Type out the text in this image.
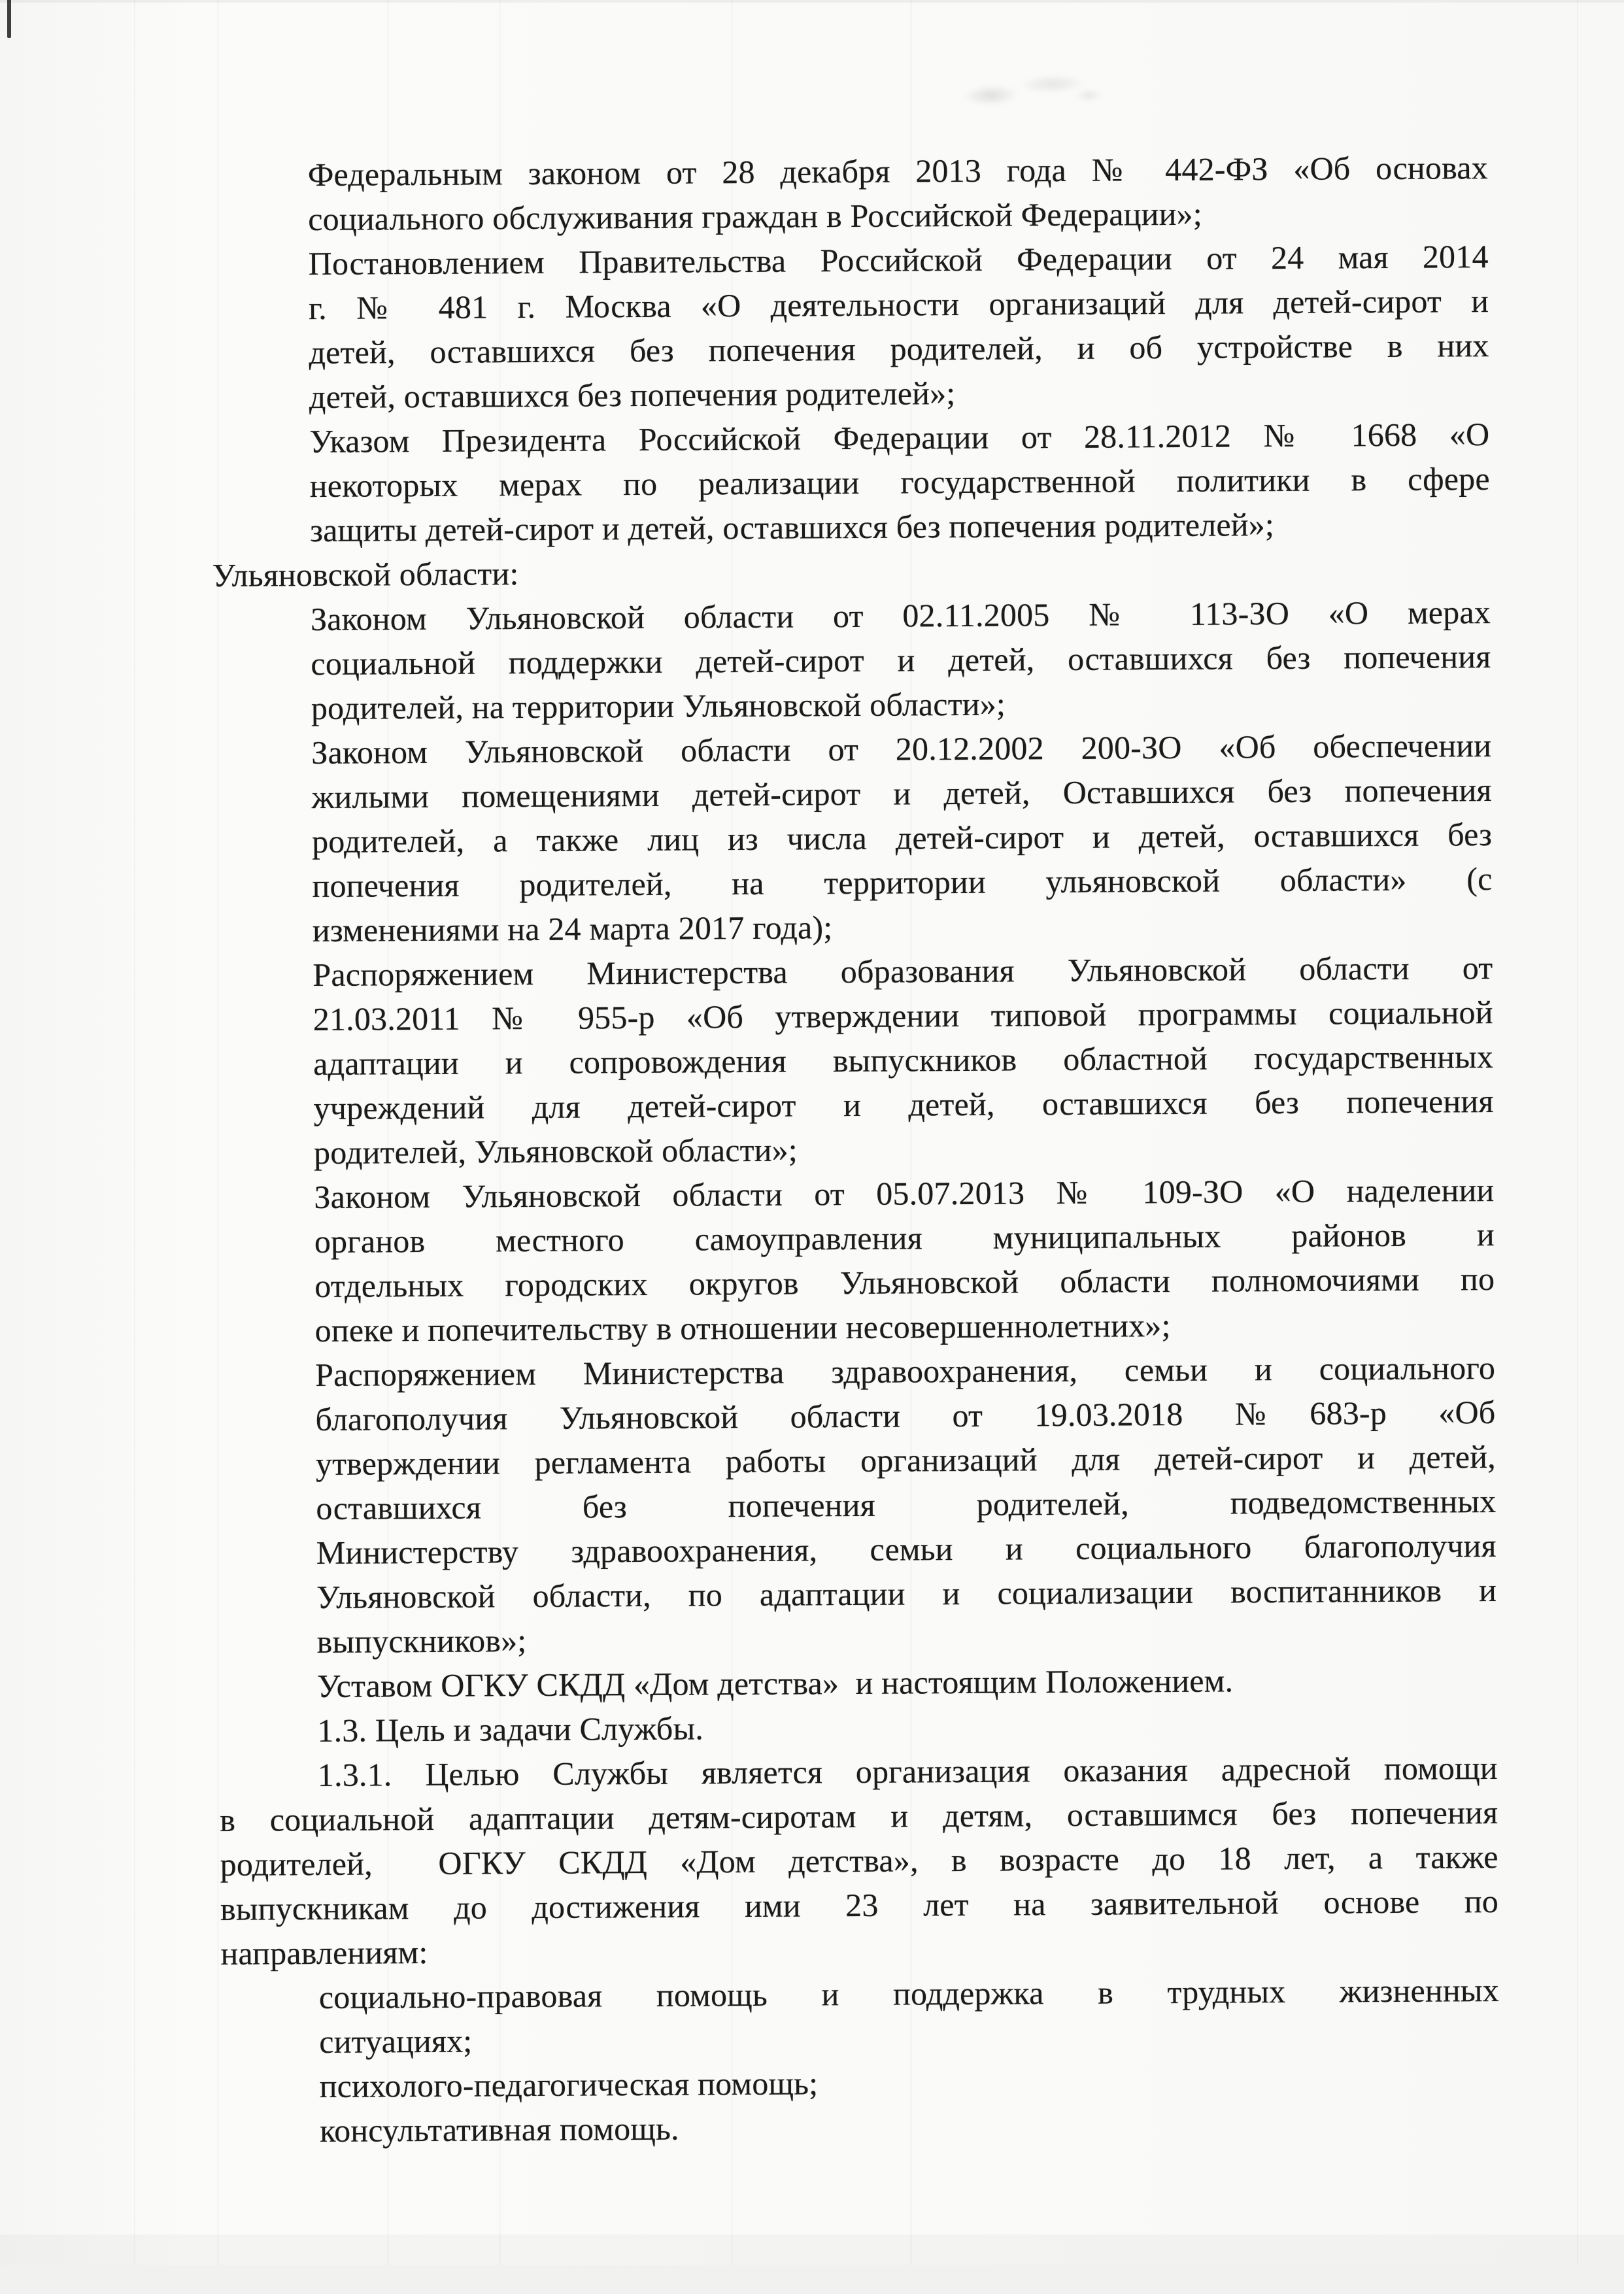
Федеральным законом от 28 декабря 2013 года № 442-ФЗ «Об основах
социального обслуживания граждан в Российской Федерации»;
Постановлением Правительства Российской Федерации от 24 мая 2014
г. № 481 г. Москва «О деятельности организаций для детей-сирот и
детей, оставшихся без попечения родителей, и об устройстве в них
детей, оставшихся без попечения родителей»;
Указом Президента Российской Федерации от 28.11.2012 № 1668 «О
некоторых мерах по реализации государственной политики в сфере
защиты детей-сирот и детей, оставшихся без попечения родителей»;
Ульяновской области:
Законом Ульяновской области от 02.11.2005 № 113-ЗО «О мерах
социальной поддержки детей-сирот и детей, оставшихся без попечения
родителей, на территории Ульяновской области»;
Законом Ульяновской области от 20.12.2002 200-ЗО «Об обеспечении
жилыми помещениями детей-сирот и детей, Оставшихся без попечения
родителей, а также лиц из числа детей-сирот и детей, оставшихся без
попечения родителей, на территории ульяновской области» (с
изменениями на 24 марта 2017 года);
Распоряжением Министерства образования Ульяновской области от
21.03.2011 № 955-р «Об утверждении типовой программы социальной
адаптации и сопровождения выпускников областной государственных
учреждений для детей-сирот и детей, оставшихся без попечения
родителей, Ульяновской области»;
Законом Ульяновской области от 05.07.2013 № 109-ЗО «О наделении
органов местного самоуправления муниципальных районов и
отдельных городских округов Ульяновской области полномочиями по
опеке и попечительству в отношении несовершеннолетних»;
Распоряжением Министерства здравоохранения, семьи и социального
благополучия Ульяновской области от 19.03.2018 №683-р «Об
утверждении регламента работы организаций для детей-сирот и детей,
оставшихся без попечения родителей, подведомственных
Министерству здравоохранения, семьи и социального благополучия
Ульяновской области, по адаптации и социализации воспитанников и
выпускников»;
Уставом ОГКУ СКДД «Дом детства»  и настоящим Положением.
1.3. Цель и задачи Службы.
1.3.1. Целью Службы является организация оказания адресной помощи
в социальной адаптации детям-сиротам и детям, оставшимся без попечения
родителей,  ОГКУ СКДД «Дом детства», в возрасте до 18 лет, а также
выпускникам до достижения ими 23 лет на заявительной основе по
направлениям:
социально-правовая помощь и поддержка в трудных жизненных
ситуациях;
психолого-педагогическая помощь;
консультативная помощь.
